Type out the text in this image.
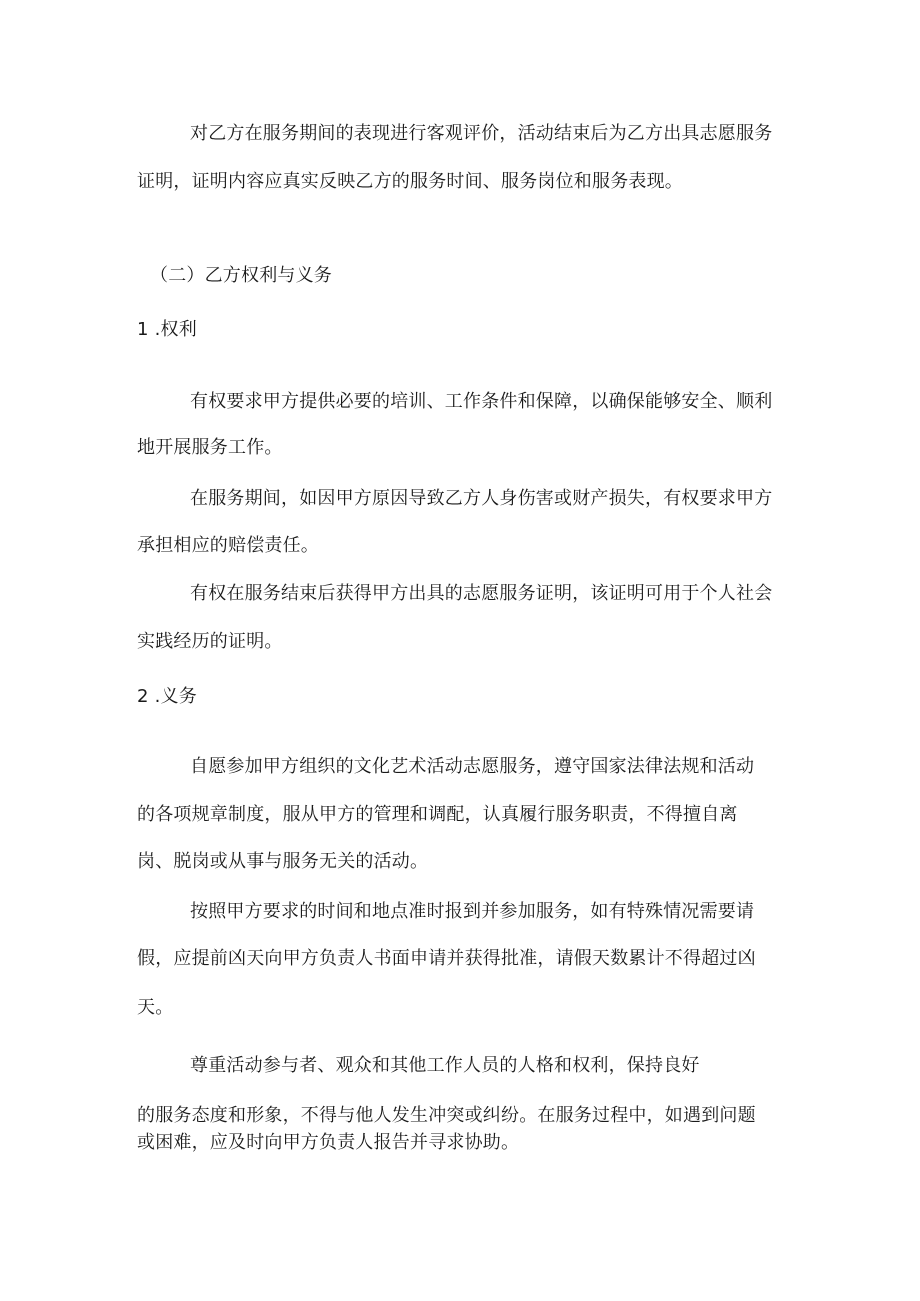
对乙方在服务期间的表现进行客观评价，活动结束后为乙方出具志愿服务
证明，证明内容应真实反映乙方的服务时间、服务岗位和服务表现。
（二）乙方权利与义务
1 .权利
有权要求甲方提供必要的培训、工作条件和保障，以确保能够安全、顺利
地开展服务工作。
在服务期间，如因甲方原因导致乙方人身伤害或财产损失，有权要求甲方
承担相应的赔偿责任。
有权在服务结束后获得甲方出具的志愿服务证明，该证明可用于个人社会
实践经历的证明。
2 .义务
自愿参加甲方组织的文化艺术活动志愿服务，遵守国家法律法规和活动
的各项规章制度，服从甲方的管理和调配，认真履行服务职责，不得擅自离
岗、脱岗或从事与服务无关的活动。
按照甲方要求的时间和地点准时报到并参加服务，如有特殊情况需要请
假，应提前凶天向甲方负责人书面申请并获得批准，请假天数累计不得超过凶
天。
尊重活动参与者、观众和其他工作人员的人格和权利，保持良好
的服务态度和形象，不得与他人发生冲突或纠纷。在服务过程中，如遇到问题
或困难，应及时向甲方负责人报告并寻求协助。
